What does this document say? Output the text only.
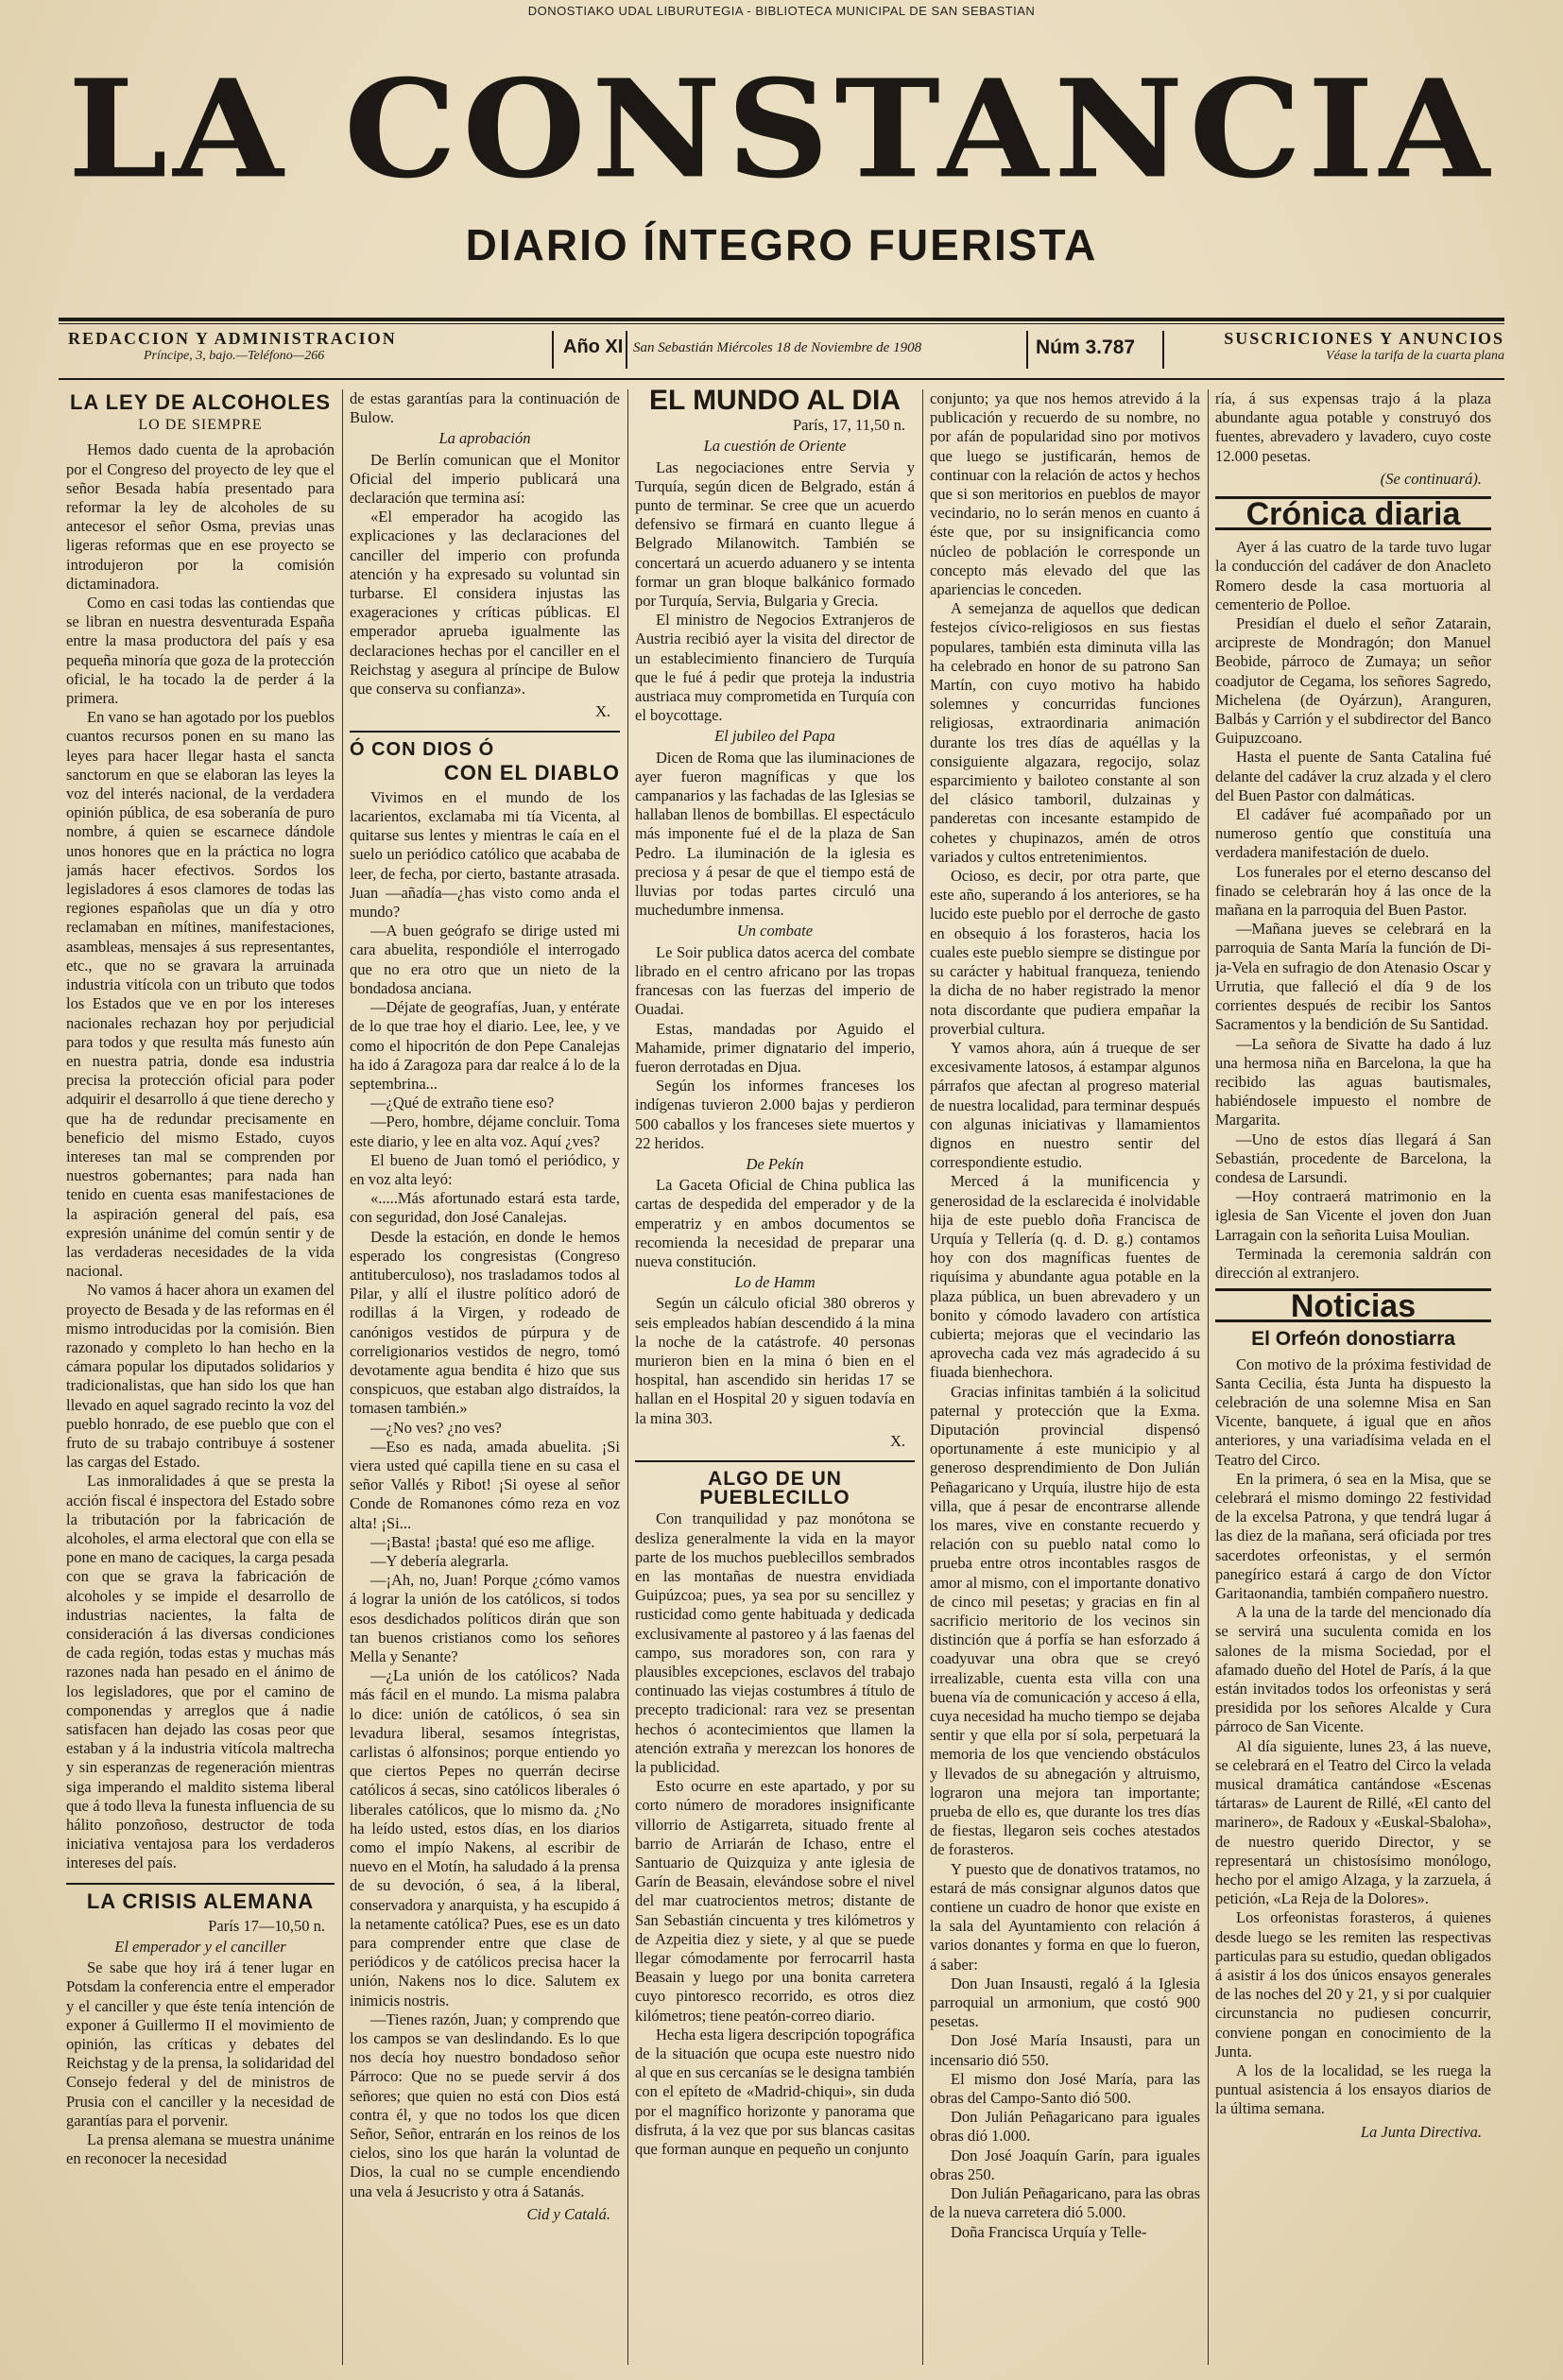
DONOSTIAKO UDAL LIBURUTEGIA - BIBLIOTECA MUNICIPAL DE SAN SEBASTIAN
LA CONSTANCIA
DIARIO ÍNTEGRO FUERISTA
REDACCION Y ADMINISTRACION
Príncipe, 3, bajo.—Teléfono—266	Año XI San Sebastián Miércoles 18 de Noviembre de 1908	Núm 3.787	SUSCRICIONES Y ANUNCIOS
Véase la tarifa de la cuarta plana
LA LEY DE ALCOHOLES
LO DE SIEMPRE

Hemos dado cuenta de la aprobación por el Congreso del proyecto de ley que el señor Besada había presentado para reformar la ley de alcoholes de su antecesor el señor Osma, previas unas ligeras reformas que en ese proyecto se introdujeron por la comisión dictaminadora.

Como en casi todas las contiendas que se libran en nuestra desventurada España entre la masa productora del país y esa pequeña minoría que goza de la protección oficial, le ha tocado la de perder á la primera.

En vano se han agotado por los pueblos cuantos recursos ponen en su mano las leyes para hacer llegar hasta el sancta sanctorum en que se elaboran las leyes la voz del interés nacional, de la verdadera opinión pública, de esa soberanía de puro nombre, á quien se escarnece dándole unos honores que en la práctica no logra jamás hacer efectivos. Sordos los legisladores á esos clamores de todas las regiones españolas que un día y otro reclamaban en mítines, manifestaciones, asambleas, mensajes á sus representantes, etc., que no se gravara la arruinada industria vitícola con un tributo que todos los Estados que ve en por los intereses nacionales rechazan hoy por perjudicial para todos y que resulta más funesto aún en nuestra patria, donde esa industria precisa la protección oficial para poder adquirir el desarrollo á que tiene derecho y que ha de redundar precisamente en beneficio del mismo Estado, cuyos intereses tan mal se comprenden por nuestros gobernantes; para nada han tenido en cuenta esas manifestaciones de la aspiración general del país, esa expresión unánime del común sentir y de las verdaderas necesidades de la vida nacional.

No vamos á hacer ahora un examen del proyecto de Besada y de las reformas en él mismo introducidas por la comisión. Bien razonado y completo lo han hecho en la cámara popular los diputados solidarios y tradicionalistas, que han sido los que han llevado en aquel sagrado recinto la voz del pueblo honrado, de ese pueblo que con el fruto de su trabajo contribuye á sostener las cargas del Estado.

Las inmoralidades á que se presta la acción fiscal é inspectora del Estado sobre la tributación por la fabricación de alcoholes, el arma electoral que con ella se pone en mano de caciques, la carga pesada con que se grava la fabricación de alcoholes y se impide el desarrollo de industrias nacientes, la falta de consideración á las diversas condiciones de cada región, todas estas y muchas más razones nada han pesado en el ánimo de los legisladores, que por el camino de componendas y arreglos que á nadie satisfacen han dejado las cosas peor que estaban y á la industria vitícola maltrecha y sin esperanzas de regeneración mientras siga imperando el maldito sistema liberal que á todo lleva la funesta influencia de su hálito ponzoñoso, destructor de toda iniciativa ventajosa para los verdaderos intereses del país.

LA CRISIS ALEMANA
París 17—10,50 n.
El emperador y el canciller

Se sabe que hoy irá á tener lugar en Potsdam la conferencia entre el emperador y el canciller y que éste tenía intención de exponer á Guillermo II el movimiento de opinión, las críticas y debates del Reichstag y de la prensa, la solidaridad del Consejo federal y del de ministros de Prusia con el canciller y la necesidad de garantías para el porvenir.

La prensa alemana se muestra unánime en reconocer la necesidad

de estas garantías para la continuación de Bulow.

La aprobación

De Berlín comunican que el Monitor Oficial del imperio publicará una declaración que termina así:

«El emperador ha acogido las explicaciones y las declaraciones del canciller del imperio con profunda atención y ha expresado su voluntad sin turbarse. El considera injustas las exageraciones y críticas públicas. El emperador aprueba igualmente las declaraciones hechas por el canciller en el Reichstag y asegura al príncipe de Bulow que conserva su confianza».

X.
Ó CON DIOS Ó
CON EL DIABLO

Vivimos en el mundo de los lacarientos, exclamaba mi tía Vicenta, al quitarse sus lentes y mientras le caía en el suelo un periódico católico que acababa de leer, de fecha, por cierto, bastante atrasada. Juan —añadía—¿has visto como anda el mundo?

—A buen geógrafo se dirige usted mi cara abuelita, respondióle el interrogado que no era otro que un nieto de la bondadosa anciana.

—Déjate de geografías, Juan, y entérate de lo que trae hoy el diario. Lee, lee, y ve como el hipocritón de don Pepe Canalejas ha ido á Zaragoza para dar realce á lo de la septembrina...

—¿Qué de extraño tiene eso?

—Pero, hombre, déjame concluir. Toma este diario, y lee en alta voz. Aquí ¿ves?

El bueno de Juan tomó el periódico, y en voz alta leyó:

«.....Más afortunado estará esta tarde, con seguridad, don José Canalejas.

Desde la estación, en donde le hemos esperado los congresistas (Congreso antituberculoso), nos trasladamos todos al Pilar, y allí el ilustre político adoró de rodillas á la Virgen, y rodeado de canónigos vestidos de púrpura y de correligionarios vestidos de negro, tomó devotamente agua bendita é hizo que sus conspicuos, que estaban algo distraídos, la tomasen también.»

—¿No ves? ¿no ves?

—Eso es nada, amada abuelita. ¡Si viera usted qué capilla tiene en su casa el señor Vallés y Ribot! ¡Si oyese al señor Conde de Romanones cómo reza en voz alta! ¡Si...

—¡Basta! ¡basta! qué eso me aflige.

—Y debería alegrarla.

—¡Ah, no, Juan! Porque ¿cómo vamos á lograr la unión de los católicos, si todos esos desdichados políticos dirán que son tan buenos cristianos como los señores Mella y Senante?

—¿La unión de los católicos? Nada más fácil en el mundo. La misma palabra lo dice: unión de católicos, ó sea sin levadura liberal, sesamos íntegristas, carlistas ó alfonsinos; porque entiendo yo que ciertos Pepes no querrán decirse católicos á secas, sino católicos liberales ó liberales católicos, que lo mismo da. ¿No ha leído usted, estos días, en los diarios como el impío Nakens, al escribir de nuevo en el Motín, ha saludado á la prensa de su devoción, ó sea, á la liberal, conservadora y anarquista, y ha escupido á la netamente católica? Pues, ese es un dato para comprender entre que clase de periódicos y de católicos precisa hacer la unión, Nakens nos lo dice. Salutem ex inimicis nostris.

—Tienes razón, Juan; y comprendo que los campos se van deslindando. Es lo que nos decía hoy nuestro bondadoso señor Párroco: Que no se puede servir á dos señores; que quien no está con Dios está contra él, y que no todos los que dicen Señor, Señor, entrarán en los reinos de los cielos, sino los que harán la voluntad de Dios, la cual no se cumple encendiendo una vela á Jesucristo y otra á Satanás.

Cid y Catalá.
EL MUNDO AL DIA
París, 17, 11,50 n.
La cuestión de Oriente

Las negociaciones entre Servia y Turquía, según dicen de Belgrado, están á punto de terminar. Se cree que un acuerdo defensivo se firmará en cuanto llegue á Belgrado Milanowitch. También se concertará un acuerdo aduanero y se intenta formar un gran bloque balkánico formado por Turquía, Servia, Bulgaria y Grecia.

El ministro de Negocios Extranjeros de Austria recibió ayer la visita del director de un establecimiento financiero de Turquía que le fué á pedir que proteja la industria austriaca muy comprometida en Turquía con el boycottage.

El jubileo del Papa

Dicen de Roma que las iluminaciones de ayer fueron magníficas y que los campanarios y las fachadas de las Iglesias se hallaban llenos de bombillas. El espectáculo más imponente fué el de la plaza de San Pedro. La iluminación de la iglesia es preciosa y á pesar de que el tiempo está de lluvias por todas partes circuló una muchedumbre inmensa.

Un combate

Le Soir publica datos acerca del combate librado en el centro africano por las tropas francesas con las fuerzas del imperio de Ouadai.

Estas, mandadas por Aguido el Mahamide, primer dignatario del imperio, fueron derrotadas en Djua.

Según los informes franceses los indígenas tuvieron 2.000 bajas y perdieron 500 caballos y los franceses siete muertos y 22 heridos.

De Pekín

La Gaceta Oficial de China publica las cartas de despedida del emperador y de la emperatriz y en ambos documentos se recomienda la necesidad de preparar una nueva constitución.

Lo de Hamm

Según un cálculo oficial 380 obreros y seis empleados habían descendido á la mina la noche de la catástrofe. 40 personas murieron bien en la mina ó bien en el hospital, han ascendido sin heridas 17 se hallan en el Hospital 20 y siguen todavía en la mina 303.

X.
ALGO DE UN PUEBLECILLO

Con tranquilidad y paz monótona se desliza generalmente la vida en la mayor parte de los muchos pueblecillos sembrados en las montañas de nuestra envidiada Guipúzcoa; pues, ya sea por su sencillez y rusticidad como gente habituada y dedicada exclusivamente al pastoreo y á las faenas del campo, sus moradores son, con rara y plausibles excepciones, esclavos del trabajo continuado las viejas costumbres á título de precepto tradicional: rara vez se presentan hechos ó acontecimientos que llamen la atención extraña y merezcan los honores de la publicidad.

Esto ocurre en este apartado, y por su corto número de moradores insignificante villorrio de Astigarreta, situado frente al barrio de Arriarán de Ichaso, entre el Santuario de Quizquiza y ante iglesia de Garín de Beasain, elevándose sobre el nivel del mar cuatrocientos metros; distante de San Sebastián cincuenta y tres kilómetros y de Azpeitia diez y siete, y al que se puede llegar cómodamente por ferrocarril hasta Beasain y luego por una bonita carretera cuyo pintoresco recorrido, es otros diez kilómetros; tiene peatón-correo diario.

Hecha esta ligera descripción topográfica de la situación que ocupa este nuestro nido al que en sus cercanías se le designa también con el epíteto de «Madrid-chiqui», sin duda por el magnífico horizonte y panorama que disfruta, á la vez que por sus blancas casitas que forman aunque en pequeño un conjunto

conjunto; ya que nos hemos atrevido á la publicación y recuerdo de su nombre, no por afán de popularidad sino por motivos que luego se justificarán, hemos de continuar con la relación de actos y hechos que si son meritorios en pueblos de mayor vecindario, no lo serán menos en cuanto á éste que, por su insignificancia como núcleo de población le corresponde un concepto más elevado del que las apariencias le conceden.

A semejanza de aquellos que dedican festejos cívico-religiosos en sus fiestas populares, también esta diminuta villa las ha celebrado en honor de su patrono San Martín, con cuyo motivo ha habido solemnes y concurridas funciones religiosas, extraordinaria animación durante los tres días de aquéllas y la consiguiente algazara, regocijo, solaz esparcimiento y bailoteo constante al son del clásico tamboril, dulzainas y panderetas con incesante estampido de cohetes y chupinazos, amén de otros variados y cultos entretenimientos.

Ocioso, es decir, por otra parte, que este año, superando á los anteriores, se ha lucido este pueblo por el derroche de gasto en obsequio á los forasteros, hacia los cuales este pueblo siempre se distingue por su carácter y habitual franqueza, teniendo la dicha de no haber registrado la menor nota discordante que pudiera empañar la proverbial cultura.

Y vamos ahora, aún á trueque de ser excesivamente latosos, á estampar algunos párrafos que afectan al progreso material de nuestra localidad, para terminar después con algunas iniciativas y llamamientos dignos en nuestro sentir del correspondiente estudio.

Merced á la munificencia y generosidad de la esclarecida é inolvidable hija de este pueblo doña Francisca de Urquía y Tellería (q. d. D. g.) contamos hoy con dos magníficas fuentes de riquísima y abundante agua potable en la plaza pública, un buen abrevadero y un bonito y cómodo lavadero con artística cubierta; mejoras que el vecindario las aprovecha cada vez más agradecido á su fiuada bienhechora.

Gracias infinitas también á la solicitud paternal y protección que la Exma. Diputación provincial dispensó oportunamente á este municipio y al generoso desprendimiento de Don Julián Peñagaricano y Urquía, ilustre hijo de esta villa, que á pesar de encontrarse allende los mares, vive en constante recuerdo y relación con su pueblo natal como lo prueba entre otros incontables rasgos de amor al mismo, con el importante donativo de cinco mil pesetas; y gracias en fin al sacrificio meritorio de los vecinos sin distinción que á porfía se han esforzado á coadyuvar una obra que se creyó irrealizable, cuenta esta villa con una buena vía de comunicación y acceso á ella, cuya necesidad ha mucho tiempo se dejaba sentir y que ella por sí sola, perpetuará la memoria de los que venciendo obstáculos y llevados de su abnegación y altruismo, lograron una mejora tan importante; prueba de ello es, que durante los tres días de fiestas, llegaron seis coches atestados de forasteros.

Y puesto que de donativos tratamos, no estará de más consignar algunos datos que contiene un cuadro de honor que existe en la sala del Ayuntamiento con relación á varios donantes y forma en que lo fueron, á saber:

Don Juan Insausti, regaló á la Iglesia parroquial un armonium, que costó 900 pesetas.

Don José María Insausti, para un incensario dió 550.

El mismo don José María, para las obras del Campo-Santo dió 500.

Don Julián Peñagaricano para iguales obras dió 1.000.

Don José Joaquín Garín, para iguales obras 250.

Don Julián Peñagaricano, para las obras de la nueva carretera dió 5.000.

Doña Francisca Urquía y Telle-

ría, á sus expensas trajo á la plaza abundante agua potable y construyó dos fuentes, abrevadero y lavadero, cuyo coste 12.000 pesetas.

(Se continuará).
Crónica diaria

Ayer á las cuatro de la tarde tuvo lugar la conducción del cadáver de don Anacleto Romero desde la casa mortuoria al cementerio de Polloe.

Presidían el duelo el señor Zatarain, arcipreste de Mondragón; don Manuel Beobide, párroco de Zumaya; un señor coadjutor de Cegama, los señores Sagredo, Michelena (de Oyárzun), Aranguren, Balbás y Carrión y el subdirector del Banco Guipuzcoano.

Hasta el puente de Santa Catalina fué delante del cadáver la cruz alzada y el clero del Buen Pastor con dalmáticas.

El cadáver fué acompañado por un numeroso gentío que constituía una verdadera manifestación de duelo.

Los funerales por el eterno descanso del finado se celebrarán hoy á las once de la mañana en la parroquia del Buen Pastor.

—Mañana jueves se celebrará en la parroquia de Santa María la función de Di-ja-Vela en sufragio de don Atenasio Oscar y Urrutia, que falleció el día 9 de los corrientes después de recibir los Santos Sacramentos y la bendición de Su Santidad.

—La señora de Sivatte ha dado á luz una hermosa niña en Barcelona, la que ha recibido las aguas bautismales, habiéndosele impuesto el nombre de Margarita.

—Uno de estos días llegará á San Sebastián, procedente de Barcelona, la condesa de Larsundi.

—Hoy contraerá matrimonio en la iglesia de San Vicente el joven don Juan Larragain con la señorita Luisa Moulian.

Terminada la ceremonia saldrán con dirección al extranjero.

Noticias
El Orfeón donostiarra

Con motivo de la próxima festividad de Santa Cecilia, ésta Junta ha dispuesto la celebración de una solemne Misa en San Vicente, banquete, á igual que en años anteriores, y una variadísima velada en el Teatro del Circo.

En la primera, ó sea en la Misa, que se celebrará el mismo domingo 22 festividad de la excelsa Patrona, y que tendrá lugar á las diez de la mañana, será oficiada por tres sacerdotes orfeonistas, y el sermón panegírico estará á cargo de don Víctor Garitaonandia, también compañero nuestro.

A la una de la tarde del mencionado día se servirá una suculenta comida en los salones de la misma Sociedad, por el afamado dueño del Hotel de París, á la que están invitados todos los orfeonistas y será presidida por los señores Alcalde y Cura párroco de San Vicente.

Al día siguiente, lunes 23, á las nueve, se celebrará en el Teatro del Circo la velada musical dramática cantándose «Escenas tártaras» de Laurent de Rillé, «El canto del marinero», de Radoux y «Euskal-Sbaloha», de nuestro querido Director, y se representará un chistosísimo monólogo, hecho por el amigo Alzaga, y la zarzuela, á petición, «La Reja de la Dolores».

Los orfeonistas forasteros, á quienes desde luego se les remiten las respectivas particulas para su estudio, quedan obligados á asistir á los dos únicos ensayos generales de las noches del 20 y 21, y si por cualquier circunstancia no pudiesen concurrir, conviene pongan en conocimiento de la Junta.

A los de la localidad, se les ruega la puntual asistencia á los ensayos diarios de la última semana.

La Junta Directiva.
